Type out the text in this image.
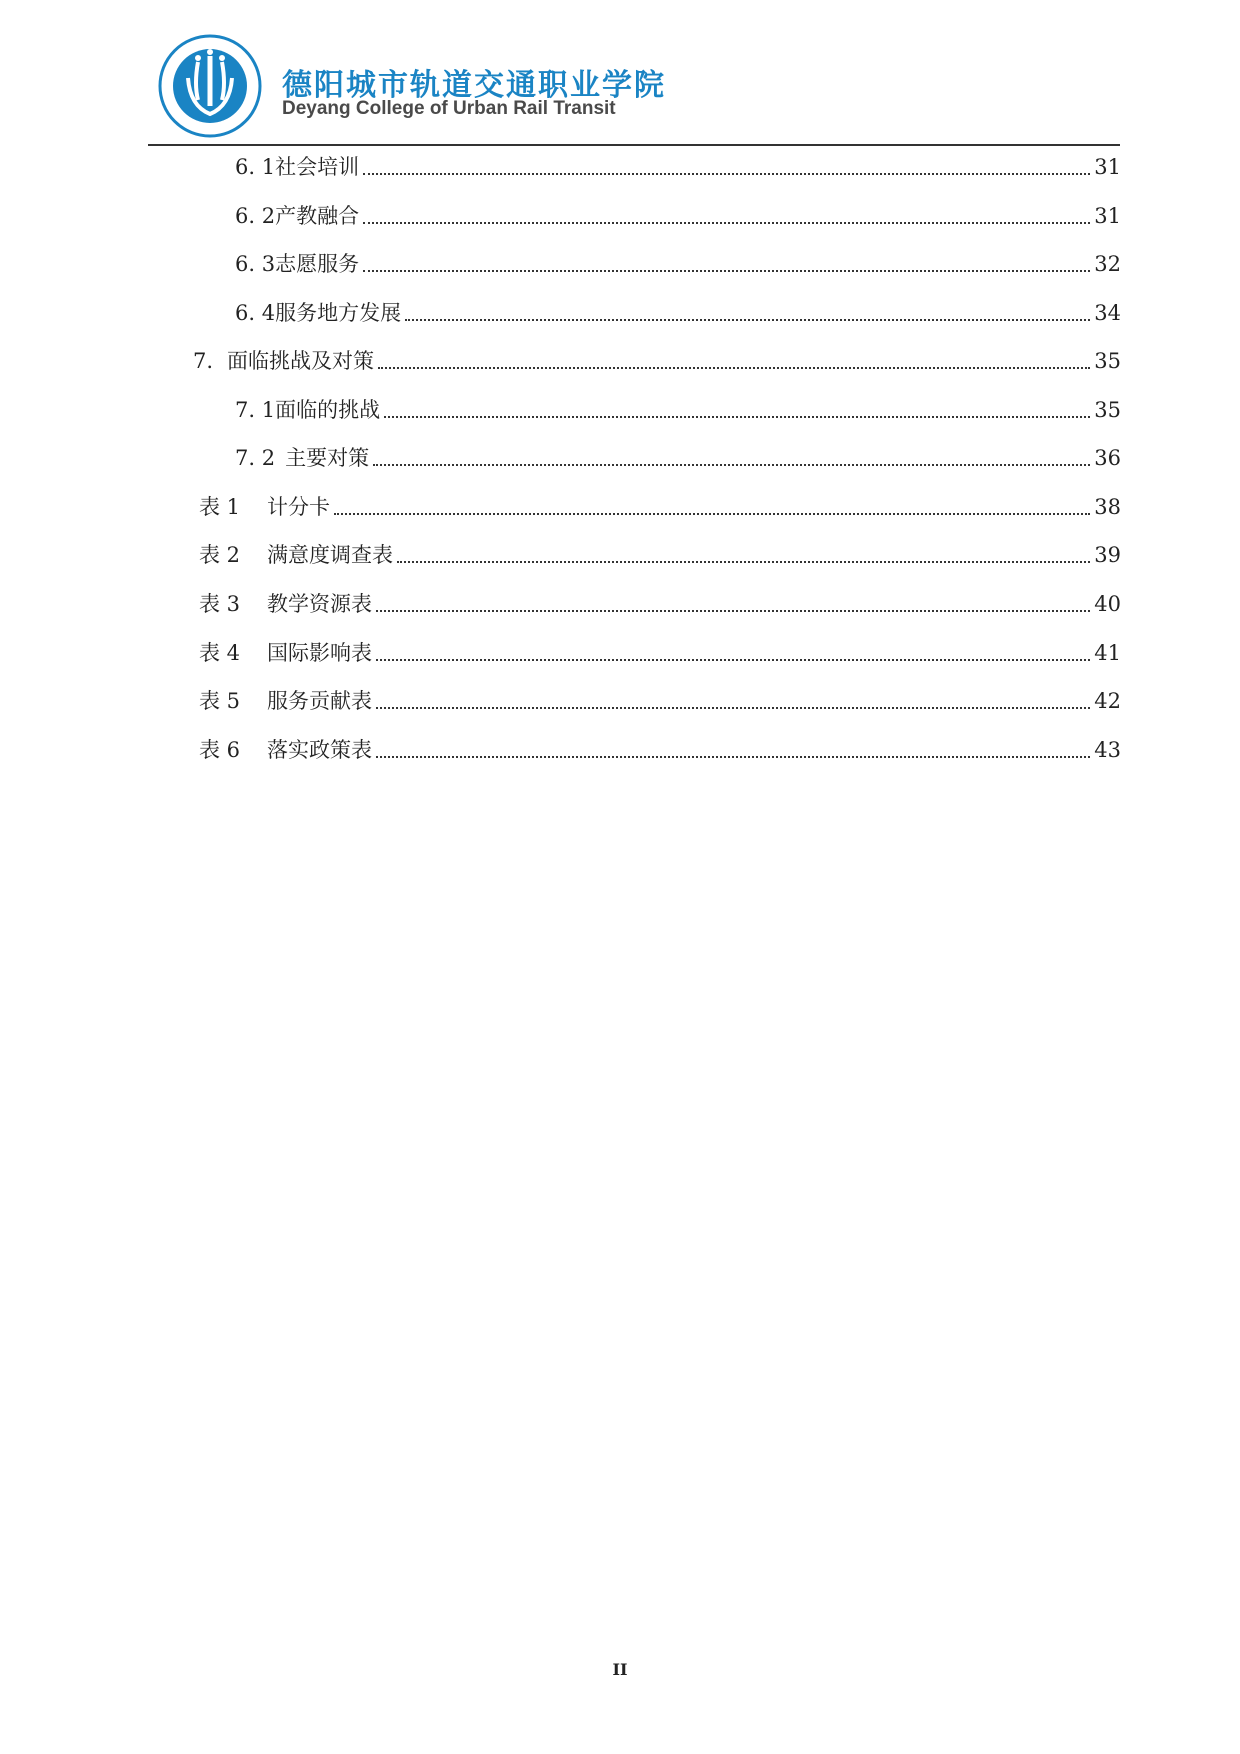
德阳城市轨道交通职业学院
Deyang College of Urban Rail Transit
6. 1 社会培训	31
6. 2 产教融合	31
6. 3 志愿服务	32
6. 4 服务地方发展	34
7. 面临挑战及对策	35
7. 1 面临的挑战	35
7. 2 主要对策	36
表 1	计分卡	38
表 2	满意度调查表	39
表 3	教学资源表	40
表 4	国际影响表	41
表 5	服务贡献表	42
表 6	落实政策表	43
II
